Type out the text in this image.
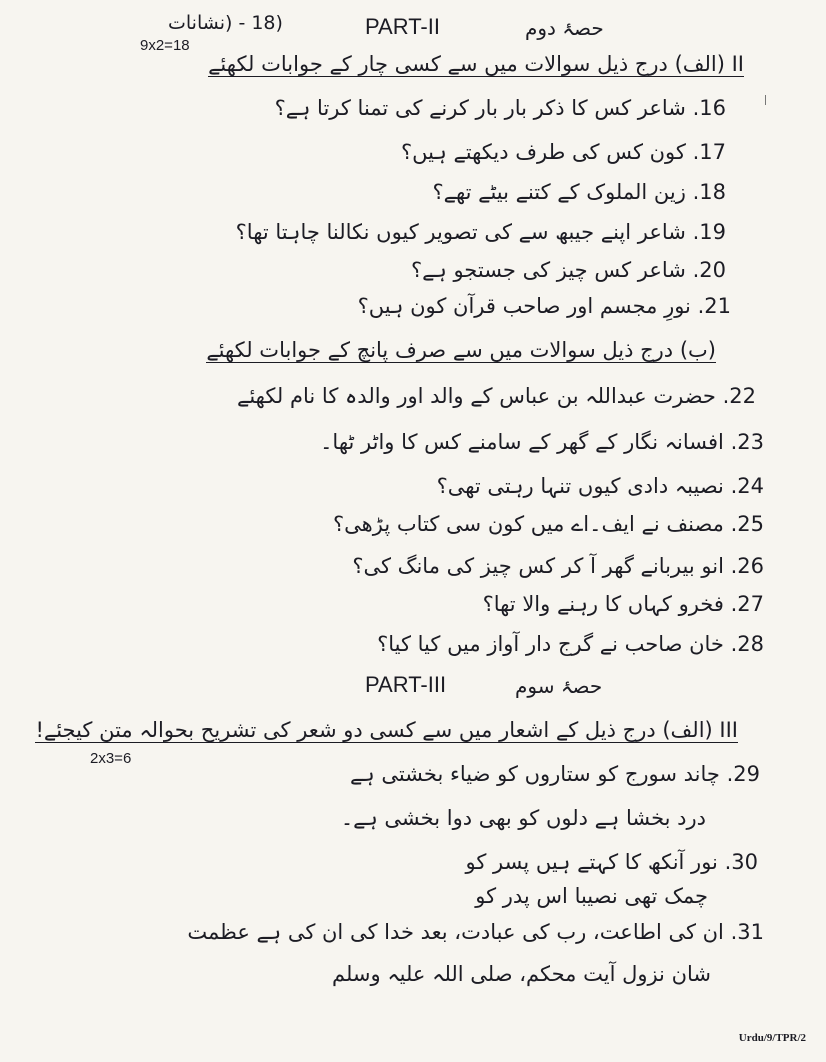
(18 - (نشانات
9x2=18
PART-II	حصۂ دوم
II (الف) درج ذیل سوالات میں سے کسی چار کے جوابات لکھئے
16. شاعر کس کا ذکر بار بار کرنے کی تمنا کرتا ہے؟
17. کون کس کی طرف دیکھتے ہیں؟
18. زین الملوک کے کتنے بیٹے تھے؟
19. شاعر اپنے جیبھ سے کی تصویر کیوں نکالنا چاہتا تھا؟
20. شاعر کس چیز کی جستجو ہے؟
21. نورِ مجسم اور صاحب قرآن کون ہیں؟
(ب) درج ذیل سوالات میں سے صرف پانچ کے جوابات لکھئے
22. حضرت عبداللہ بن عباس کے والد اور والدہ کا نام لکھئے
23. افسانہ نگار کے گھر کے سامنے کس کا واٹر ٹھا۔
24. نصیبہ دادی کیوں تنہا رہتی تھی؟
25. مصنف نے ایف۔اے میں کون سی کتاب پڑھی؟
26. انو بیربانے گھر آ کر کس چیز کی مانگ کی؟
27. فخرو کہاں کا رہنے والا تھا؟
28. خان صاحب نے گرج دار آواز میں کیا کیا؟
PART-III	حصۂ سوم
III (الف) درج ذیل کے اشعار میں سے کسی دو شعر کی تشریح بحوالہ متن کیجئے!
2x3=6
29. چاند سورج کو ستاروں کو ضیاء بخشتی ہے
درد بخشا ہے دلوں کو بھی دوا بخشی ہے۔
30. نور آنکھ کا کہتے ہیں پسر کو
چمک تھی نصیبا اس پدر کو
31. ان کی اطاعت، رب کی عبادت، بعد خدا کی ان کی ہے عظمت
شان نزول آیت محکم، صلی اللہ علیہ وسلم
Urdu/9/TPR/2
